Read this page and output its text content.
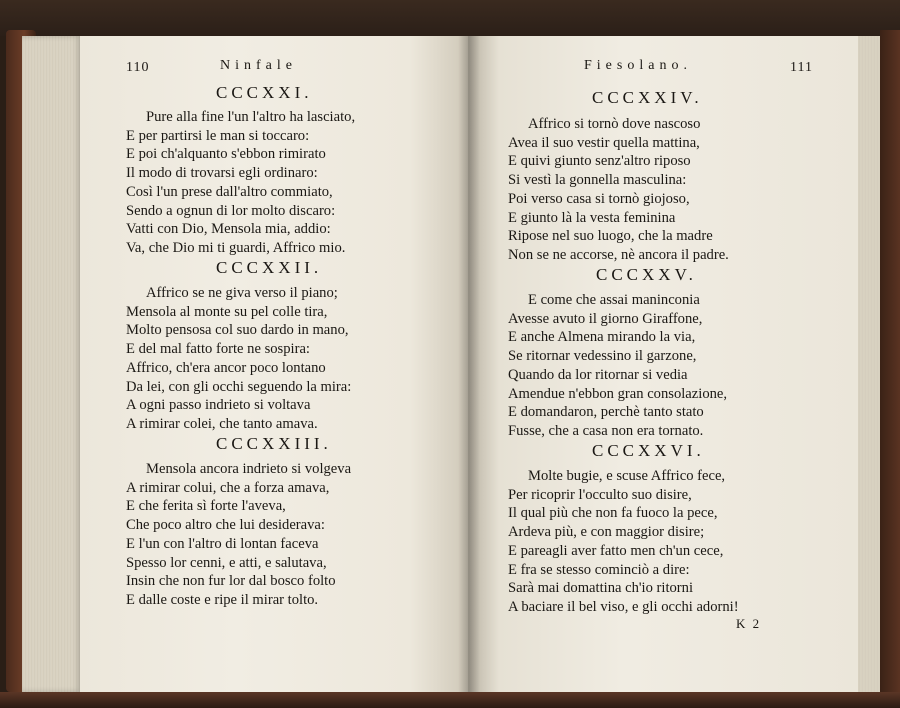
110	Ninfale
CCCXXI.
Pure alla fine l'un l'altro ha lasciato,
E per partirsi le man si toccaro:
E poi ch'alquanto s'ebbon rimirato
Il modo di trovarsi egli ordinaro:
Così l'un prese dall'altro commiato,
Sendo a ognun di lor molto discaro:
Vatti con Dio, Mensola mia, addio:
Va, che Dio mi ti guardi, Affrico mio.
CCCXXII.
Affrico se ne giva verso il piano;
Mensola al monte su pel colle tira,
Molto pensosa col suo dardo in mano,
E del mal fatto forte ne sospira:
Affrico, ch'era ancor poco lontano
Da lei, con gli occhi seguendo la mira:
A ogni passo indrieto si voltava
A rimirar colei, che tanto amava.
CCCXXIII.
Mensola ancora indrieto si volgeva
A rimirar colui, che a forza amava,
E che ferita sì forte l'aveva,
Che poco altro che lui desiderava:
E l'un con l'altro di lontan faceva
Spesso lor cenni, e atti, e salutava,
Insin che non fur lor dal bosco folto
E dalle coste e ripe il mirar tolto.
Fiesolano.	111
CCCXXIV.
Affrico si tornò dove nascoso
Avea il suo vestir quella mattina,
E quivi giunto senz'altro riposo
Si vestì la gonnella masculina:
Poi verso casa si tornò giojoso,
E giunto là la vesta feminina
Ripose nel suo luogo, che la madre
Non se ne accorse, nè ancora il padre.
CCCXXV.
E come che assai maninconia
Avesse avuto il giorno Giraffone,
E anche Almena mirando la via,
Se ritornar vedessino il garzone,
Quando da lor ritornar si vedia
Amendue n'ebbon gran consolazione,
E domandaron, perchè tanto stato
Fusse, che a casa non era tornato.
CCCXXVI.
Molte bugie, e scuse Affrico fece,
Per ricoprir l'occulto suo disire,
Il qual più che non fa fuoco la pece,
Ardeva più, e con maggior disire;
E pareagli aver fatto men ch'un cece,
E fra se stesso cominciò a dire:
Sarà mai domattina ch'io ritorni
A baciare il bel viso, e gli occhi adorni!
K 2
